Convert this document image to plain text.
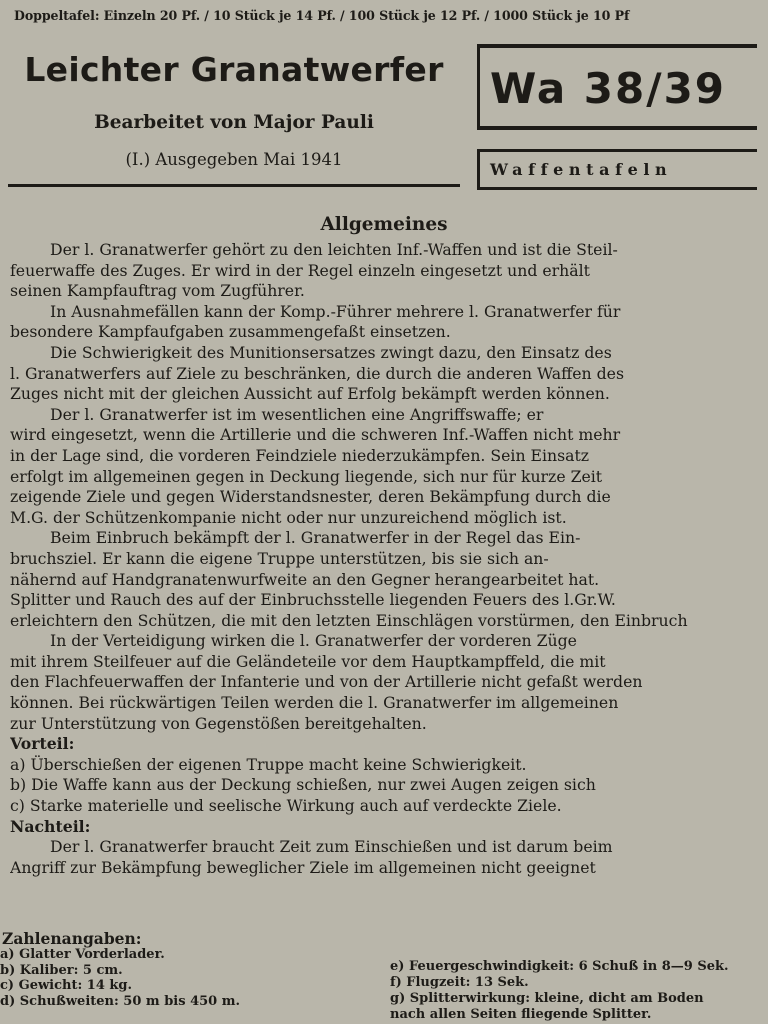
Doppeltafel: Einzeln 20 Pf. / 10 Stück je 14 Pf. / 100 Stück je 12 Pf. / 1000 Stück je 10 Pf
Leichter Granatwerfer
Bearbeitet von Major Pauli
(I.) Ausgegeben Mai 1941
Wa 38/39
Waffentafeln
Allgemeines
Der l. Granatwerfer gehört zu den leichten Inf.-Waffen und ist die Steil-
feuerwaffe des Zuges. Er wird in der Regel einzeln eingesetzt und erhält
seinen Kampfauftrag vom Zugführer.
In Ausnahmefällen kann der Komp.-Führer mehrere l. Granatwerfer für
besondere Kampfaufgaben zusammengefaßt einsetzen.
Die Schwierigkeit des Munitionsersatzes zwingt dazu, den Einsatz des
l. Granatwerfers auf Ziele zu beschränken, die durch die anderen Waffen des
Zuges nicht mit der gleichen Aussicht auf Erfolg bekämpft werden können.
Der l. Granatwerfer ist im wesentlichen eine Angriffswaffe; er
wird eingesetzt, wenn die Artillerie und die schweren Inf.-Waffen nicht mehr
in der Lage sind, die vorderen Feindziele niederzukämpfen. Sein Einsatz
erfolgt im allgemeinen gegen in Deckung liegende, sich nur für kurze Zeit
zeigende Ziele und gegen Widerstandsnester, deren Bekämpfung durch die
M.G. der Schützenkompanie nicht oder nur unzureichend möglich ist.
Beim Einbruch bekämpft der l. Granatwerfer in der Regel das Ein-
bruchsziel. Er kann die eigene Truppe unterstützen, bis sie sich an-
nähernd auf Handgranatenwurfweite an den Gegner herangearbeitet hat.
Splitter und Rauch des auf der Einbruchsstelle liegenden Feuers des l.Gr.W.
erleichtern den Schützen, die mit den letzten Einschlägen vorstürmen, den Einbruch
In der Verteidigung wirken die l. Granatwerfer der vorderen Züge
mit ihrem Steilfeuer auf die Geländeteile vor dem Hauptkampffeld, die mit
den Flachfeuerwaffen der Infanterie und von der Artillerie nicht gefaßt werden
können. Bei rückwärtigen Teilen werden die l. Granatwerfer im allgemeinen
zur Unterstützung von Gegenstößen bereitgehalten.
Vorteil:
a) Überschießen der eigenen Truppe macht keine Schwierigkeit.
b) Die Waffe kann aus der Deckung schießen, nur zwei Augen zeigen sich
c) Starke materielle und seelische Wirkung auch auf verdeckte Ziele.
Nachteil:
Der l. Granatwerfer braucht Zeit zum Einschießen und ist darum beim
Angriff zur Bekämpfung beweglicher Ziele im allgemeinen nicht geeignet
Zahlenangaben:
a) Glatter Vorderlader.
b) Kaliber: 5 cm.
c) Gewicht: 14 kg.
d) Schußweiten: 50 m bis 450 m.
e) Feuergeschwindigkeit: 6 Schuß in 8—9 Sek.
f) Flugzeit: 13 Sek.
g) Splitterwirkung: kleine, dicht am Boden
nach allen Seiten fliegende Splitter.
